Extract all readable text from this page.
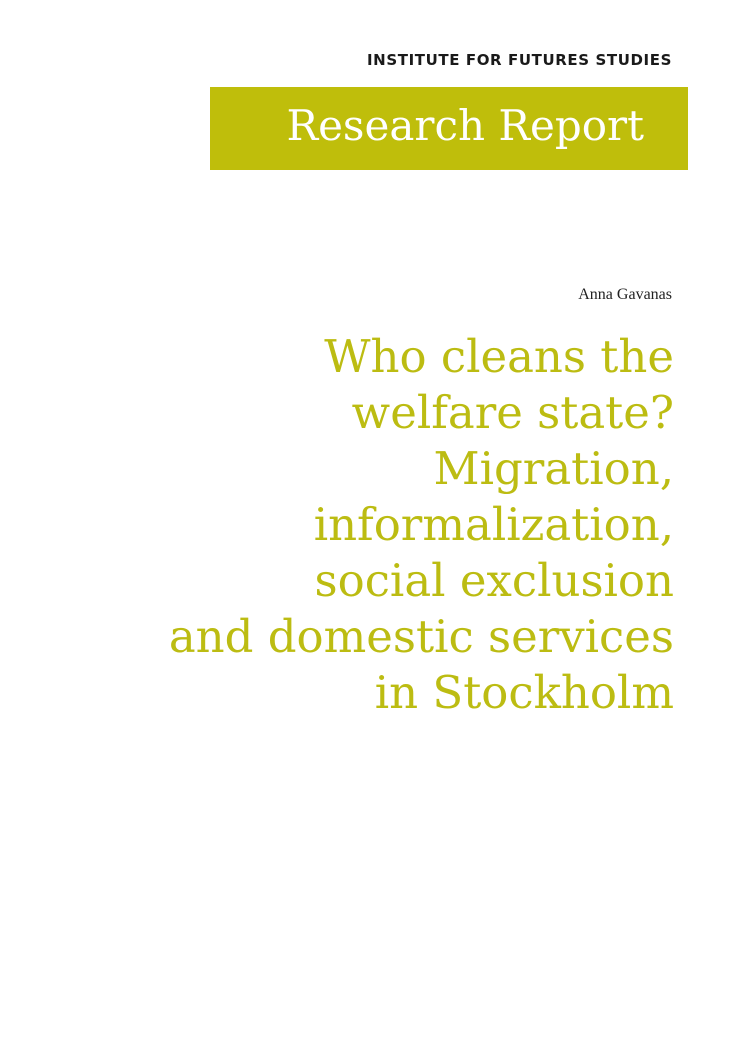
INSTITUTE FOR FUTURES STUDIES
Research Report
Anna Gavanas
Who cleans the
welfare state?
Migration,
informalization,
social exclusion
and domestic services
in Stockholm
